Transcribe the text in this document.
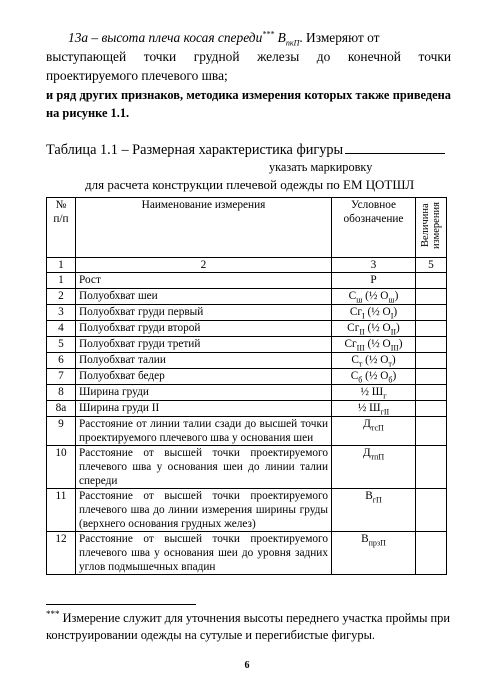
13а – высота плеча косая спереди*** $В_{пкП}$. Измеряют от
выступающей точки грудной железы до конечной точки
проектируемого плечевого шва;
и ряд других признаков, методика измерения которых также приведена на рисунке 1.1.
Таблица 1.1 – Размерная характеристика фигуры
указать маркировку
для расчета конструкции плечевой одежды по ЕМ ЦОТШЛ
№ п/п	Наименование измерения	Условное обозначение	Величина измерения

1	2	3	5
1	Рост	Р	
2	Полуобхват шеи	$С_ш$ (½ $О_ш$)	
3	Полуобхват груди первый	$Сг_I$ (½ $О_I$)	
4	Полуобхват груди второй	$Сг_{II}$ (½ $О_{II}$)	
5	Полуобхват груди третий	$Сг_{III}$ (½ $О_{III}$)	
6	Полуобхват талии	$С_т$ (½ $О_т$)	
7	Полуобхват бедер	$С_б$ (½ $О_б$)	
8	Ширина груди	½ $Ш_г$	
8а	Ширина груди II	½ $Ш_{гII}$	
9	Расстояние от линии талии сзади до высшей точки проектируемого плечевого шва у основания шеи	$Д_{тсП}$	
10	Расстояние от высшей точки проектируемого плечевого шва у основания шеи до линии талии спереди	$Д_{тпП}$	
11	Расстояние от высшей точки проектируемого плечевого шва до линии измерения ширины груды (верхнего основания грудных желез)	$В_{гП}$	
12	Расстояние от высшей точки проектируемого плечевого шва у основания шеи до уровня задних углов подмышечных впадин	$В_{прзП}$	
*** Измерение служит для уточнения высоты переднего участка проймы при конструировании одежды на сутулые и перегибистые фигуры.
6
